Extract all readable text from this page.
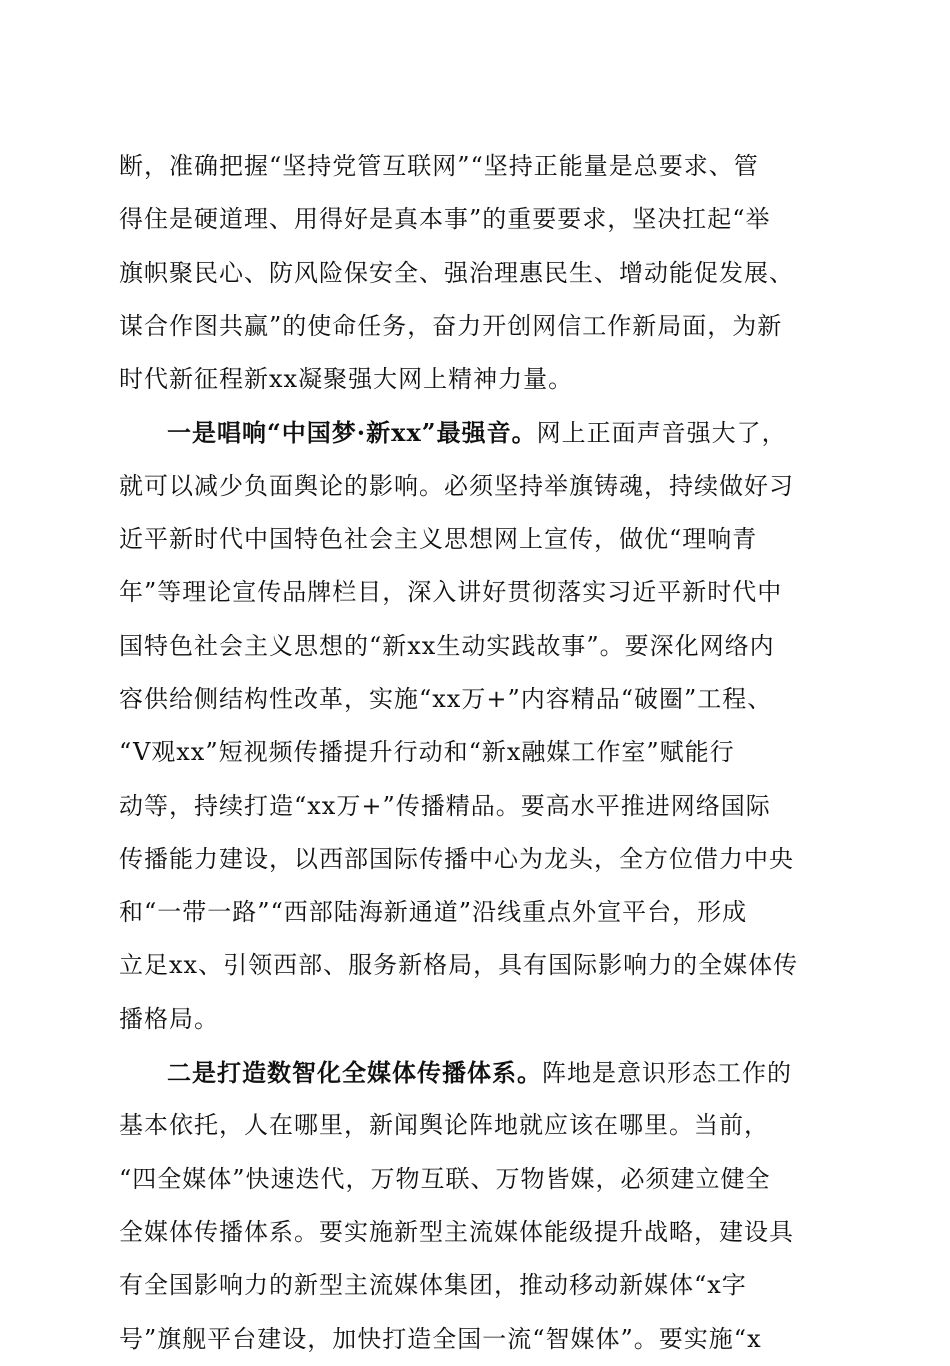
断，准确把握“坚持党管互联网”“坚持正能量是总要求、管
得住是硬道理、用得好是真本事”的重要要求，坚决扛起“举
旗帜聚民心、防风险保安全、强治理惠民生、增动能促发展、
谋合作图共赢”的使命任务，奋力开创网信工作新局面，为新
时代新征程新xx凝聚强大网上精神力量。
一是唱响“中国梦·新xx”最强音。网上正面声音强大了，
就可以减少负面舆论的影响。必须坚持举旗铸魂，持续做好习
近平新时代中国特色社会主义思想网上宣传，做优“理响青
年”等理论宣传品牌栏目，深入讲好贯彻落实习近平新时代中
国特色社会主义思想的“新xx生动实践故事”。要深化网络内
容供给侧结构性改革，实施“xx万+”内容精品“破圈”工程、
“V观xx”短视频传播提升行动和“新x融媒工作室”赋能行
动等，持续打造“xx万+”传播精品。要高水平推进网络国际
传播能力建设，以西部国际传播中心为龙头，全方位借力中央
和“一带一路”“西部陆海新通道”沿线重点外宣平台，形成
立足xx、引领西部、服务新格局，具有国际影响力的全媒体传
播格局。
二是打造数智化全媒体传播体系。阵地是意识形态工作的
基本依托，人在哪里，新闻舆论阵地就应该在哪里。当前，
“四全媒体”快速迭代，万物互联、万物皆媒，必须建立健全
全媒体传播体系。要实施新型主流媒体能级提升战略，建设具
有全国影响力的新型主流媒体集团，推动移动新媒体“x字
号”旗舰平台建设，加快打造全国一流“智媒体”。要实施“x
